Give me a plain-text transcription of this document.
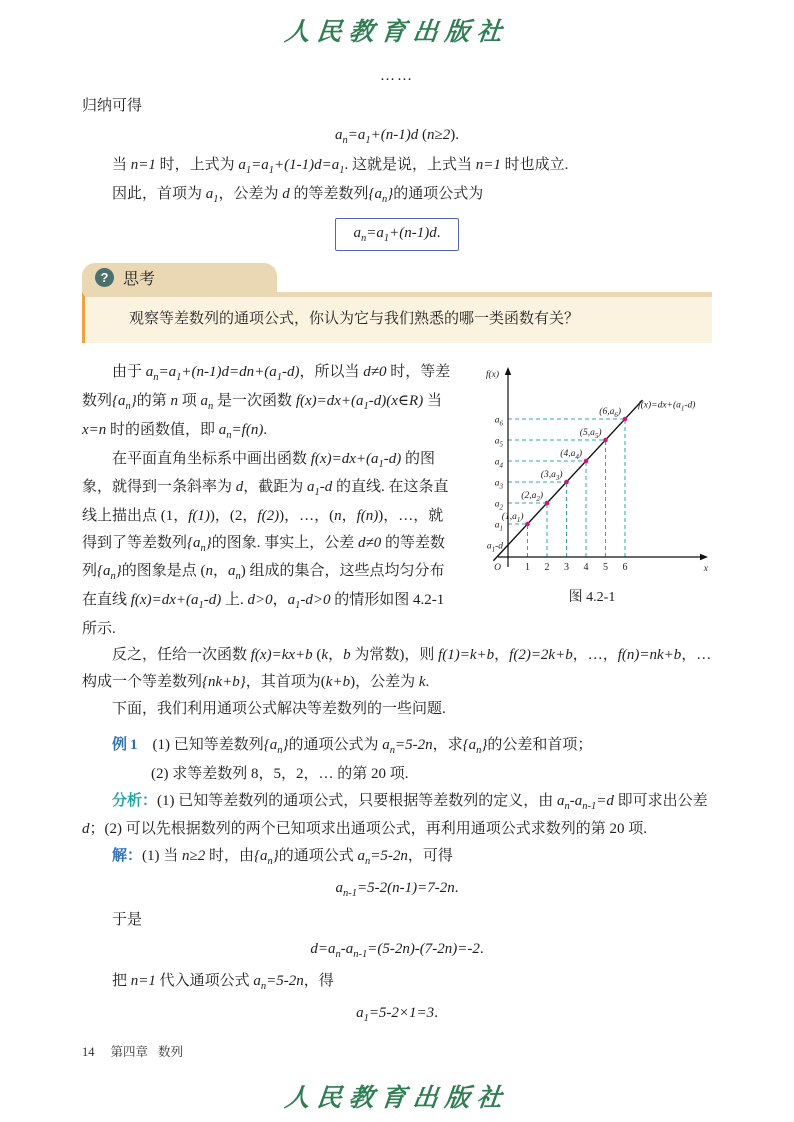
人民教育出版社
……

归纳可得

$a_n=a_1+(n-1)d$ (n≥2).

当 n=1 时，上式为 $a_1=a_1+(1-1)d=a_1$. 这就是说，上式当 n=1 时也成立.

因此，首项为 $a_1$，公差为 d 的等差数列$\{a_n\}$的通项公式为

$a_n=a_1+(n-1)d$.
? 思考

观察等差数列的通项公式，你认为它与我们熟悉的哪一类函数有关？

由于 $a_n=a_1+(n-1)d=dn+(a_1-d)$，所以当 d≠0 时，等差数列$\{a_n\}$的第 n 项 $a_n$ 是一次函数 $f(x)=dx+(a_1-d)(x\in R)$ 当 x=n 时的函数值，即 $a_n=f(n)$.

在平面直角坐标系中画出函数 $f(x)=dx+(a_1-d)$ 的图象，就得到一条斜率为 d，截距为 $a_1-d$ 的直线. 在这条直线上描出点 (1，f(1))，(2，f(2))，…，(n，f(n))，…，就得到了等差数列$\{a_n\}$的图象. 事实上，公差 d≠0 的等差数列$\{a_n\}$的图象是点 (n，$a_n$) 组成的集合，这些点均匀分布在直线 $f(x)=dx+(a_1-d)$ 上. d>0，$a_1-d>0$ 的情形如图 4.2-1 所示.

1 2 3 4 5 6
$a_1-d$
$a_1$
$a_2$
$a_3$
$a_4$
$a_5$
$a_6$
$(1,a_1)$
$(2,a_2)$
$(3,a_3)$
$(4,a_4)$
$(5,a_5)$
$(6,a_6)$
$f(x)=dx+(a_1-d)$
f(x)
x
O
图 4.2-1

反之，任给一次函数 f(x)=kx+b (k，b 为常数)，则 f(1)=k+b，f(2)=2k+b，…，f(n)=nk+b，…构成一个等差数列{nk+b}，其首项为(k+b)，公差为 k.

下面，我们利用通项公式解决等差数列的一些问题.

例1 (1) 已知等差数列$\{a_n\}$的通项公式为 $a_n=5-2n$，求$\{a_n\}$的公差和首项；

(2) 求等差数列 8，5，2，… 的第 20 项.

分析：(1) 已知等差数列的通项公式，只要根据等差数列的定义，由 $a_n-a_{n-1}=d$ 即可求出公差 d；(2) 可以先根据数列的两个已知项求出通项公式，再利用通项公式求数列的第 20 项.

解：(1) 当 n≥2 时，由$\{a_n\}$的通项公式 $a_n=5-2n$，可得

$a_{n-1}=5-2(n-1)=7-2n$.

于是

$d=a_n-a_{n-1}=(5-2n)-(7-2n)=-2$.

把 n=1 代入通项公式 $a_n=5-2n$，得

$a_1=5-2\times 1=3$.

14 第四章 数列
人民教育出版社
